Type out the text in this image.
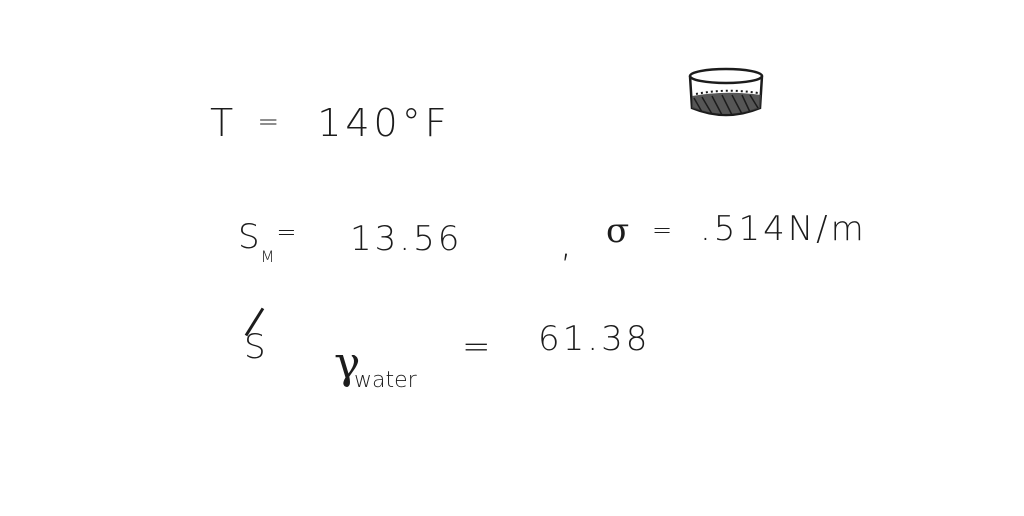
T = 140°F
$S_M^=$ 13.56	, σ = .514N/m
S γ
water
= 61.38
